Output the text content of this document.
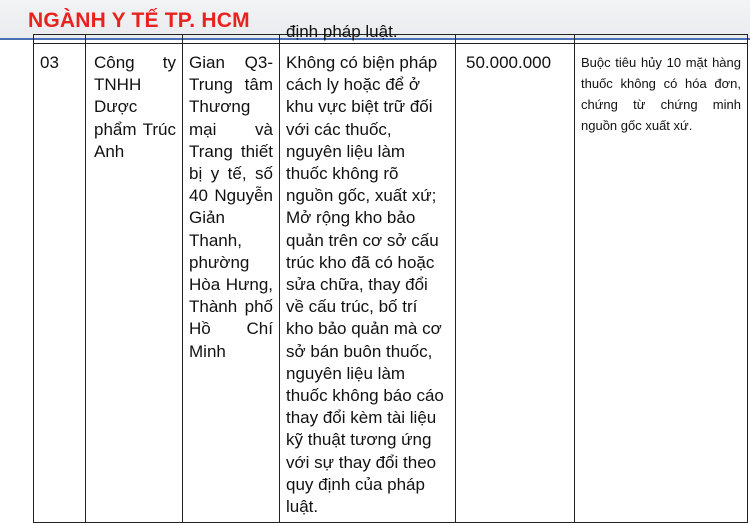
NGÀNH Y TẾ TP. HCM

			định pháp luật.		

03	Công ty TNHH Dược phẩm Trúc Anh	Gian Q3-Trung tâm Thương mại và Trang thiết bị y tế, số 40 Nguyễn Giản Thanh, phường Hòa Hưng, Thành phố Hồ Chí Minh	Không có biện pháp cách ly hoặc để ở khu vực biệt trữ đối với các thuốc, nguyên liệu làm thuốc không rõ nguồn gốc, xuất xứ; Mở rộng kho bảo quản trên cơ sở cấu trúc kho đã có hoặc sửa chữa, thay đổi về cấu trúc, bố trí kho bảo quản mà cơ sở bán buôn thuốc, nguyên liệu làm thuốc không báo cáo thay đổi kèm tài liệu kỹ thuật tương ứng với sự thay đổi theo quy định của pháp luật.	50.000.000	Buộc tiêu hủy 10 mặt hàng thuốc không có hóa đơn, chứng từ chứng minh nguồn gốc xuất xứ.
